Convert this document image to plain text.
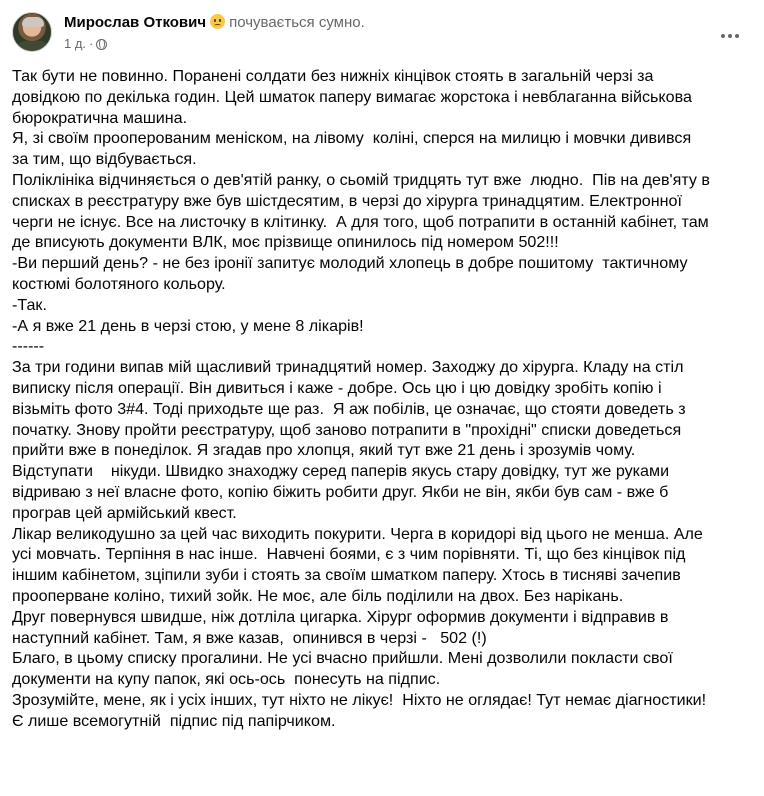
Мирослав Откович почувається сумно.
1 д. ·

Так бути не повинно. Поранені солдати без нижніх кінцівок стоять в загальній черзі за

довідкою по декілька годин. Цей шматок паперу вимагає жорстока і невблаганна військова

бюрократична машина.

Я, зі своїм прооперованим меніском, на лівому  коліні, сперся на милицю і мовчки дивився

за тим, що відбувається.

Поліклініка відчиняється о дев'ятій ранку, о сьомій тридцять тут вже  людно.  Пів на дев'яту в

списках в реєстратуру вже був шістдесятим, в черзі до хірурга тринадцятим. Електронної

черги не існує. Все на листочку в клітинку.  А для того, щоб потрапити в останній кабінет, там

де вписують документи ВЛК, моє прізвище опинилось під номером 502!!!

-Ви перший день? - не без іронії запитує молодий хлопець в добре пошитому  тактичному

костюмі болотяного кольору.

-Так.

-А я вже 21 день в черзі стою, у мене 8 лікарів!

------

За три години випав мій щасливий тринадцятий номер. Заходжу до хірурга. Кладу на стіл

виписку після операції. Він дивиться і каже - добре. Ось цю і цю довідку зробіть копію і

візьміть фото 3#4. Тоді приходьте ще раз.  Я аж побілів, це означає, що стояти доведеть з

початку. Знову пройти реєстратуру, щоб заново потрапити в "прохідні" списки доведеться

прийти вже в понеділок. Я згадав про хлопця, який тут вже 21 день і зрозумів чому.

Відступати    нікуди. Швидко знаходжу серед паперів якусь стару довідку, тут же руками

відриваю з неї власне фото, копію біжить робити друг. Якби не він, якби був сам - вже б

програв цей армійський квест.

Лікар великодушно за цей час виходить покурити. Черга в коридорі від цього не менша. Але

усі мовчать. Терпіння в нас інше.  Навчені боями, є з чим порівняти. Ті, що без кінцівок під

іншим кабінетом, зціпили зуби і стоять за своїм шматком паперу. Хтось в тисняві зачепив

прооперване коліно, тихий зойк. Не моє, але біль поділили на двох. Без нарікань.

Друг повернувся швидше, ніж дотліла цигарка. Хірург оформив документи і відправив в

наступний кабінет. Там, я вже казав,  опинився в черзі -   502 (!)

Благо, в цьому списку прогалини. Не усі вчасно прийшли. Мені дозволили покласти свої

документи на купу папок, які ось-ось  понесуть на підпис.

Зрозумійте, мене, як і усіх інших, тут ніхто не лікує!  Ніхто не оглядає! Тут немає діагностики!

Є лише всемогутній  підпис під папірчиком.
